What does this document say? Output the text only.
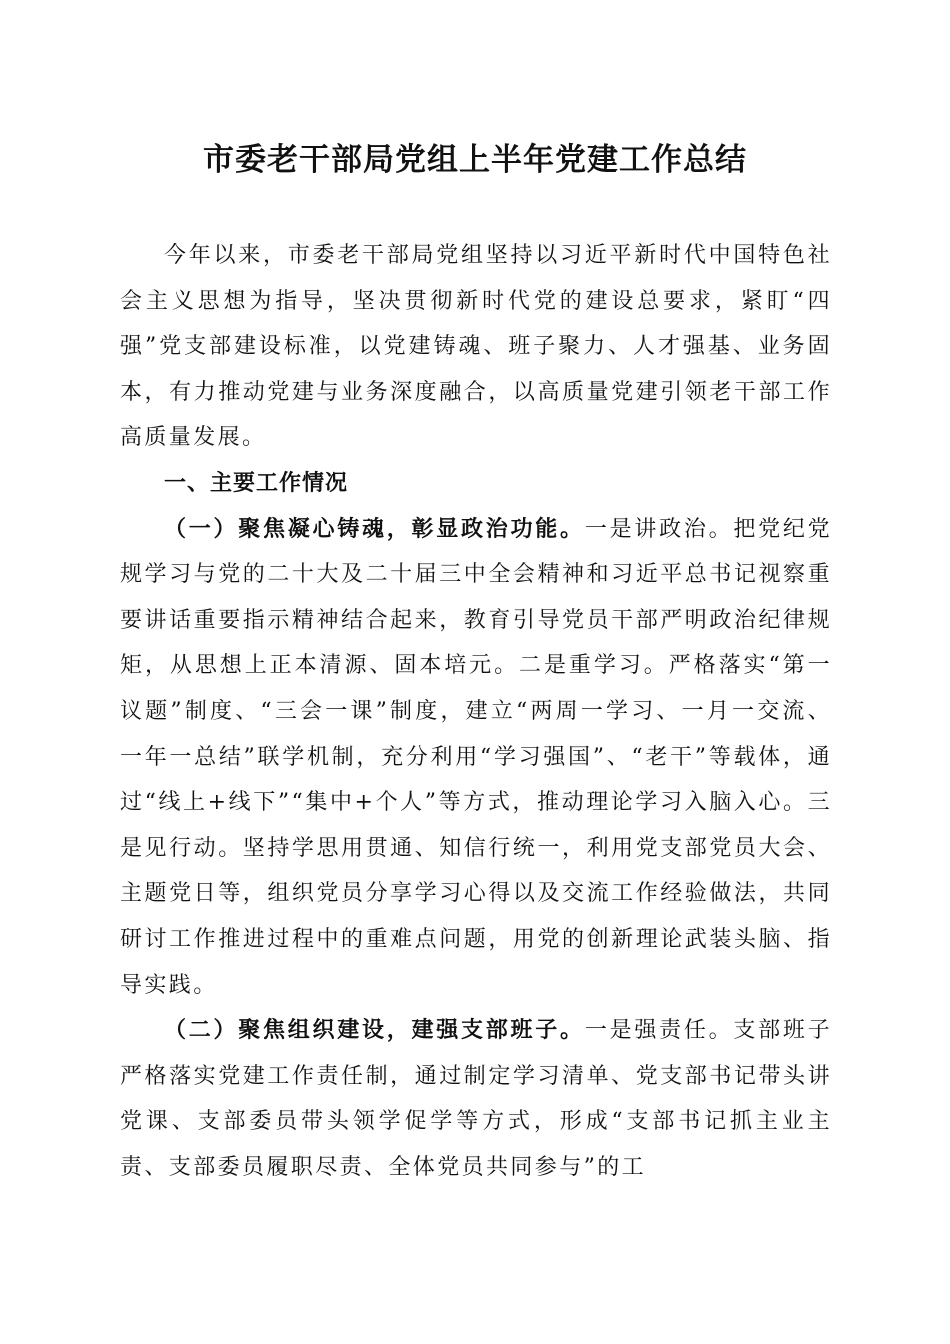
市委老干部局党组上半年党建工作总结

今年以来，市委老干部局党组坚持以习近平新时代中国特色社会主义思想为指导，坚决贯彻新时代党的建设总要求，紧盯“四强”党支部建设标准，以党建铸魂、班子聚力、人才强基、业务固本，有力推动党建与业务深度融合，以高质量党建引领老干部工作高质量发展。

一、主要工作情况

（一）聚焦凝心铸魂，彰显政治功能。一是讲政治。把党纪党规学习与党的二十大及二十届三中全会精神和习近平总书记视察重要讲话重要指示精神结合起来，教育引导党员干部严明政治纪律规矩，从思想上正本清源、固本培元。二是重学习。严格落实“第一议题”制度、“三会一课”制度，建立“两周一学习、一月一交流、一年一总结”联学机制，充分利用“学习强国”、“老干”等载体，通过“线上+线下”“集中+个人”等方式，推动理论学习入脑入心。三是见行动。坚持学思用贯通、知信行统一，利用党支部党员大会、主题党日等，组织党员分享学习心得以及交流工作经验做法，共同研讨工作推进过程中的重难点问题，用党的创新理论武装头脑、指导实践。

（二）聚焦组织建设，建强支部班子。一是强责任。支部班子严格落实党建工作责任制，通过制定学习清单、党支部书记带头讲党课、支部委员带头领学促学等方式，形成“支部书记抓主业主责、支部委员履职尽责、全体党员共同参与”的工
